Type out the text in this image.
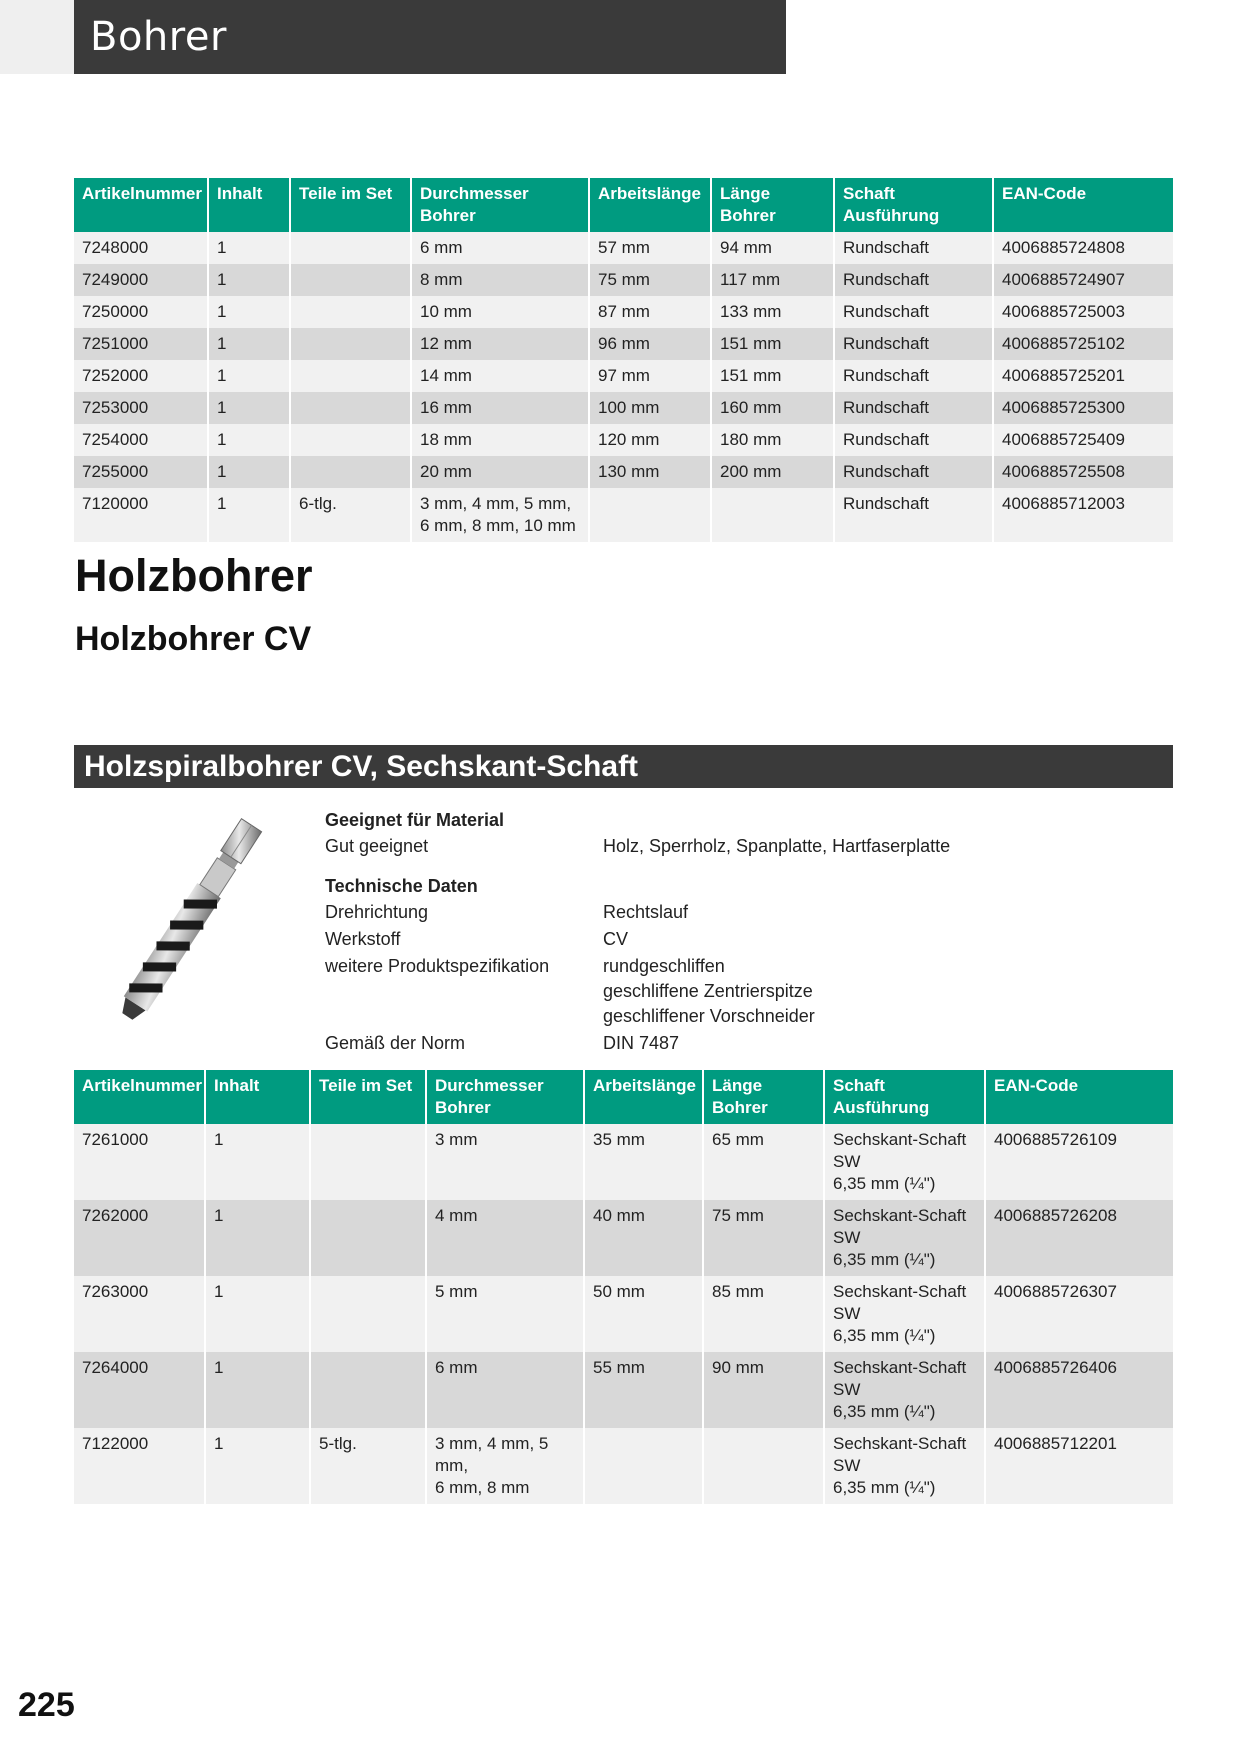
Bohrer
Artikelnummer	Inhalt	Teile im Set	Durchmesser Bohrer	Arbeitslänge	Länge Bohrer	Schaft Ausführung	EAN-Code
7248000	1		6 mm	57 mm	94 mm	Rundschaft	4006885724808
7249000	1		8 mm	75 mm	117 mm	Rundschaft	4006885724907
7250000	1		10 mm	87 mm	133 mm	Rundschaft	4006885725003
7251000	1		12 mm	96 mm	151 mm	Rundschaft	4006885725102
7252000	1		14 mm	97 mm	151 mm	Rundschaft	4006885725201
7253000	1		16 mm	100 mm	160 mm	Rundschaft	4006885725300
7254000	1		18 mm	120 mm	180 mm	Rundschaft	4006885725409
7255000	1		20 mm	130 mm	200 mm	Rundschaft	4006885725508
7120000	1	6-tlg.	3 mm, 4 mm, 5 mm,
6 mm, 8 mm, 10 mm			Rundschaft	4006885712003
Holzbohrer
Holzbohrer CV
Holzspiralbohrer CV, Sechskant-Schaft
Geeignet für Material
Gut geeignet	Holz, Sperrholz, Spanplatte, Hartfaserplatte
Technische Daten
Drehrichtung	Rechtslauf
Werkstoff	CV
weitere Produktspezifikation	rundgeschliffen
geschliffene Zentrierspitze
geschliffener Vorschneider
Gemäß der Norm	DIN 7487
Artikelnummer	Inhalt	Teile im Set	Durchmesser
Bohrer	Arbeitslänge	Länge Bohrer	Schaft Ausführung	EAN-Code
7261000	1		3 mm	35 mm	65 mm	Sechskant-Schaft SW
6,35 mm (¼")	4006885726109
7262000	1		4 mm	40 mm	75 mm	Sechskant-Schaft SW
6,35 mm (¼")	4006885726208
7263000	1		5 mm	50 mm	85 mm	Sechskant-Schaft SW
6,35 mm (¼")	4006885726307
7264000	1		6 mm	55 mm	90 mm	Sechskant-Schaft SW
6,35 mm (¼")	4006885726406
7122000	1	5-tlg.	3 mm, 4 mm, 5 mm,
6 mm, 8 mm			Sechskant-Schaft SW
6,35 mm (¼")	4006885712201
225
